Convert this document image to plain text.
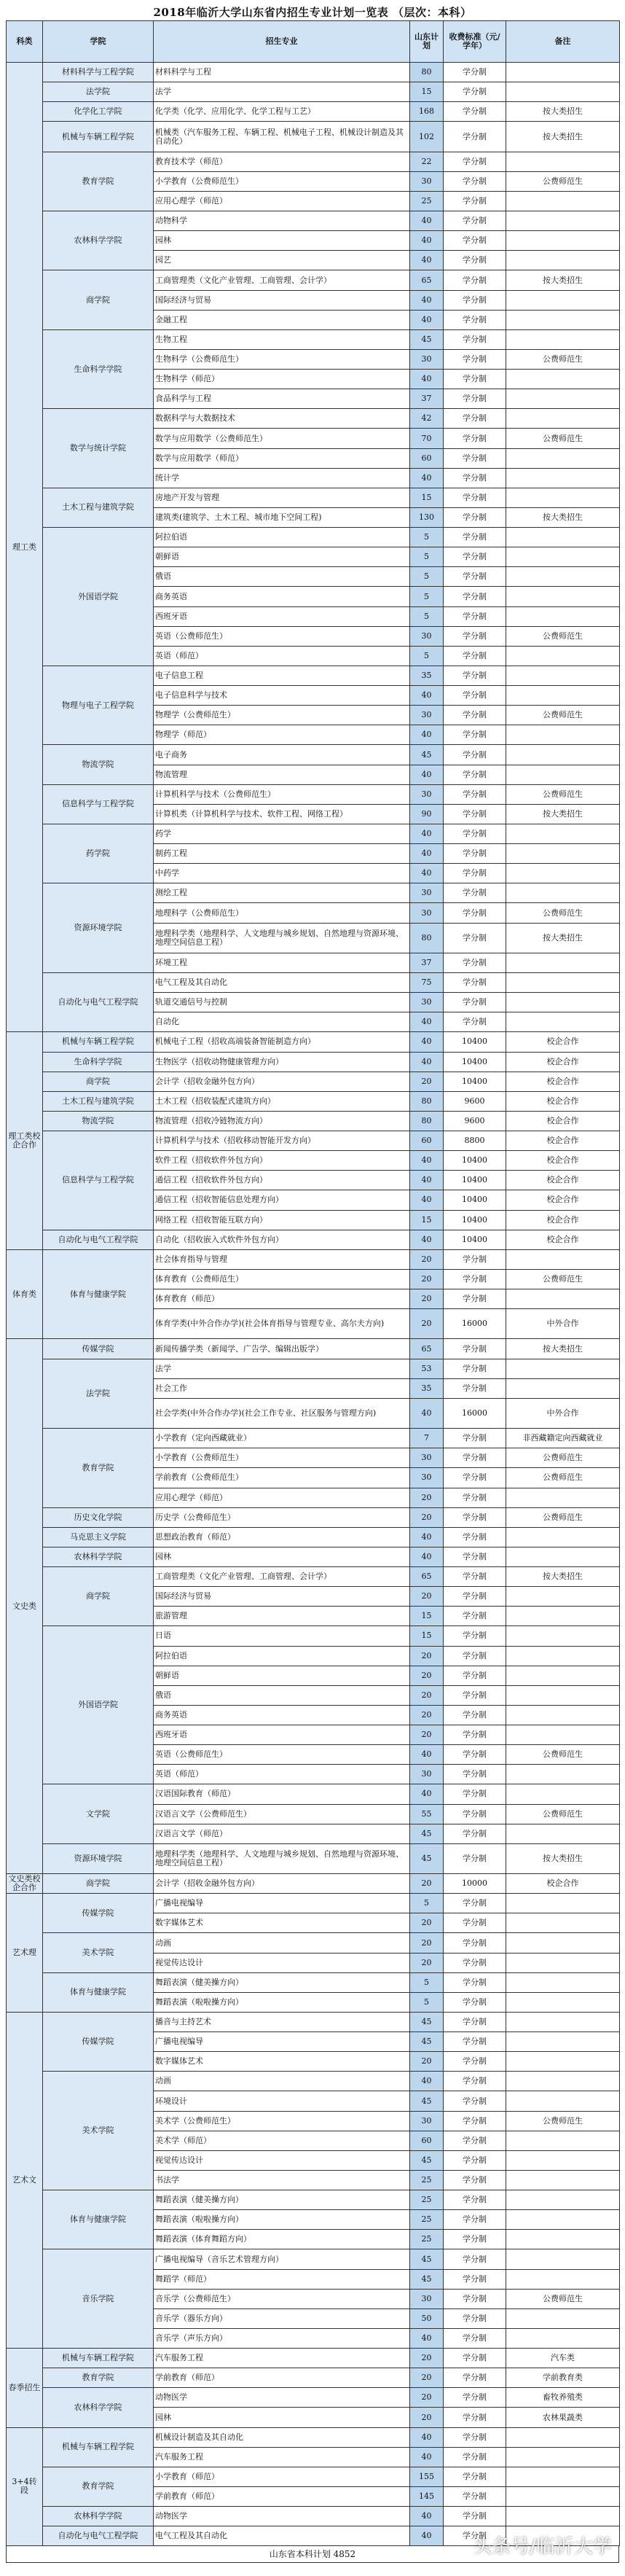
2018年临沂大学山东省内招生专业计划一览表 （层次：本科）
科类	学院	招生专业	山东计划	收费标准（元/学年）	备注
理工类	材料科学与工程学院	材料科学与工程	80	学分制	
	法学院	法学	15	学分制	
	化学化工学院	化学类（化学、应用化学、化学工程与工艺）	168	学分制	按大类招生
	机械与车辆工程学院	机械类（汽车服务工程、车辆工程、机械电子工程、机械设计制造及其自动化）	102	学分制	按大类招生
	教育学院	教育技术学（师范）	22	学分制	
		小学教育（公费师范生）	30	学分制	公费师范生
		应用心理学（师范）	25	学分制	
	农林科学学院	动物科学	40	学分制	
		园林	40	学分制	
		园艺	40	学分制	
	商学院	工商管理类（文化产业管理、工商管理、会计学）	65	学分制	按大类招生
		国际经济与贸易	40	学分制	
		金融工程	40	学分制	
	生命科学学院	生物工程	45	学分制	
		生物科学（公费师范生）	30	学分制	公费师范生
		生物科学（师范）	40	学分制	
		食品科学与工程	37	学分制	
	数学与统计学院	数据科学与大数据技术	42	学分制	
		数学与应用数学（公费师范生）	70	学分制	公费师范生
		数学与应用数学（师范）	60	学分制	
		统计学	40	学分制	
	土木工程与建筑学院	房地产开发与管理	15	学分制	
		建筑类(建筑学、土木工程、城市地下空间工程)	130	学分制	按大类招生
	外国语学院	阿拉伯语	5	学分制	
		朝鲜语	5	学分制	
		俄语	5	学分制	
		商务英语	5	学分制	
		西班牙语	5	学分制	
		英语（公费师范生）	30	学分制	公费师范生
		英语（师范）	5	学分制	
	物理与电子工程学院	电子信息工程	35	学分制	
		电子信息科学与技术	40	学分制	
		物理学（公费师范生）	30	学分制	公费师范生
		物理学（师范）	40	学分制	
	物流学院	电子商务	45	学分制	
		物流管理	40	学分制	
	信息科学与工程学院	计算机科学与技术（公费师范生）	30	学分制	公费师范生
		计算机类（计算机科学与技术、软件工程、网络工程）	90	学分制	按大类招生
	药学院	药学	40	学分制	
		制药工程	40	学分制	
		中药学	40	学分制	
	资源环境学院	测绘工程	30	学分制	
		地理科学（公费师范生）	30	学分制	公费师范生
		地理科学类（地理科学、人文地理与城乡规划、自然地理与资源环境、地理空间信息工程）	80	学分制	按大类招生
		环境工程	37	学分制	
	自动化与电气工程学院	电气工程及其自动化	75	学分制	
		轨道交通信号与控制	30	学分制	
		自动化	40	学分制	
理工类校企合作	机械与车辆工程学院	机械电子工程（招收高端装备智能制造方向）	40	10400	校企合作
	生命科学学院	生物医学（招收动物健康管理方向）	40	10400	校企合作
	商学院	会计学（招收金融外包方向）	20	10400	校企合作
	土木工程与建筑学院	土木工程（招收装配式建筑方向）	80	9600	校企合作
	物流学院	物流管理（招收冷链物流方向）	80	9600	校企合作
	信息科学与工程学院	计算机科学与技术（招收移动智能开发方向）	60	8800	校企合作
		软件工程（招收软件外包方向）	40	10400	校企合作
		通信工程（招收软件外包方向）	40	10400	校企合作
		通信工程（招收智能信息处理方向）	40	10400	校企合作
		网络工程（招收智能互联方向）	15	10400	校企合作
	自动化与电气工程学院	自动化（招收嵌入式软件外包方向）	40	10400	校企合作
体育类	体育与健康学院	社会体育指导与管理	20	学分制	
		体育教育（公费师范生）	20	学分制	公费师范生
		体育教育（师范）	20	学分制	
		体育学类(中外合作办学)(社会体育指导与管理专业、高尔夫方向)	20	16000	中外合作
文史类	传媒学院	新闻传播学类（新闻学、广告学、编辑出版学）	65	学分制	按大类招生
	法学院	法学	53	学分制	
		社会工作	35	学分制	
		社会学类(中外合作办学)(社会工作专业、社区服务与管理方向)	40	16000	中外合作
	教育学院	小学教育（定向西藏就业）	7	学分制	非西藏籍定向西藏就业
		小学教育（公费师范生）	30	学分制	公费师范生
		学前教育（公费师范生）	30	学分制	公费师范生
		应用心理学（师范）	20	学分制	
	历史文化学院	历史学（公费师范生）	20	学分制	公费师范生
	马克思主义学院	思想政治教育（师范）	40	学分制	
	农林科学学院	园林	40	学分制	
	商学院	工商管理类（文化产业管理、工商管理、会计学）	65	学分制	按大类招生
		国际经济与贸易	20	学分制	
		旅游管理	15	学分制	
	外国语学院	日语	15	学分制	
		阿拉伯语	20	学分制	
		朝鲜语	20	学分制	
		俄语	20	学分制	
		商务英语	20	学分制	
		西班牙语	20	学分制	
		英语（公费师范生）	40	学分制	公费师范生
		英语（师范）	30	学分制	
	文学院	汉语国际教育（师范）	40	学分制	
		汉语言文学（公费师范生）	55	学分制	公费师范生
		汉语言文学（师范）	45	学分制	
	资源环境学院	地理科学类（地理科学、人文地理与城乡规划、自然地理与资源环境、地理空间信息工程）	45	学分制	按大类招生
文史类校企合作	商学院	会计学（招收金融外包方向）	20	10000	校企合作
艺术理	传媒学院	广播电视编导	5	学分制	
		数字媒体艺术	20	学分制	
	美术学院	动画	20	学分制	
		视觉传达设计	20	学分制	
	体育与健康学院	舞蹈表演（健美操方向）	5	学分制	
		舞蹈表演（啦啦操方向）	5	学分制	
艺术文	传媒学院	播音与主持艺术	45	学分制	
		广播电视编导	45	学分制	
		数字媒体艺术	20	学分制	
	美术学院	动画	40	学分制	
		环境设计	45	学分制	
		美术学（公费师范生）	30	学分制	公费师范生
		美术学（师范）	60	学分制	
		视觉传达设计	45	学分制	
		书法学	25	学分制	
	体育与健康学院	舞蹈表演（健美操方向）	25	学分制	
		舞蹈表演（啦啦操方向）	25	学分制	
		舞蹈表演（体育舞蹈方向）	25	学分制	
	音乐学院	广播电视编导（音乐艺术管理方向）	45	学分制	
		舞蹈学（师范）	45	学分制	
		音乐学（公费师范生）	30	学分制	公费师范生
		音乐学（器乐方向）	50	学分制	
		音乐学（声乐方向）	40	学分制	
春季招生	机械与车辆工程学院	汽车服务工程	20	学分制	汽车类
	教育学院	学前教育（师范）	20	学分制	学前教育类
	农林科学学院	动物医学	20	学分制	畜牧养殖类
		园林	20	学分制	农林果蔬类
3+4转段	机械与车辆工程学院	机械设计制造及其自动化	40	学分制	
		汽车服务工程	40	学分制	
	教育学院	小学教育（师范）	155	学分制	
		学前教育（师范）	145	学分制	
	农林科学学院	动物医学	40	学分制	
	自动化与电气工程学院	电气工程及其自动化	40	学分制	
山东省本科计划 4852	头条号/临沂大学
